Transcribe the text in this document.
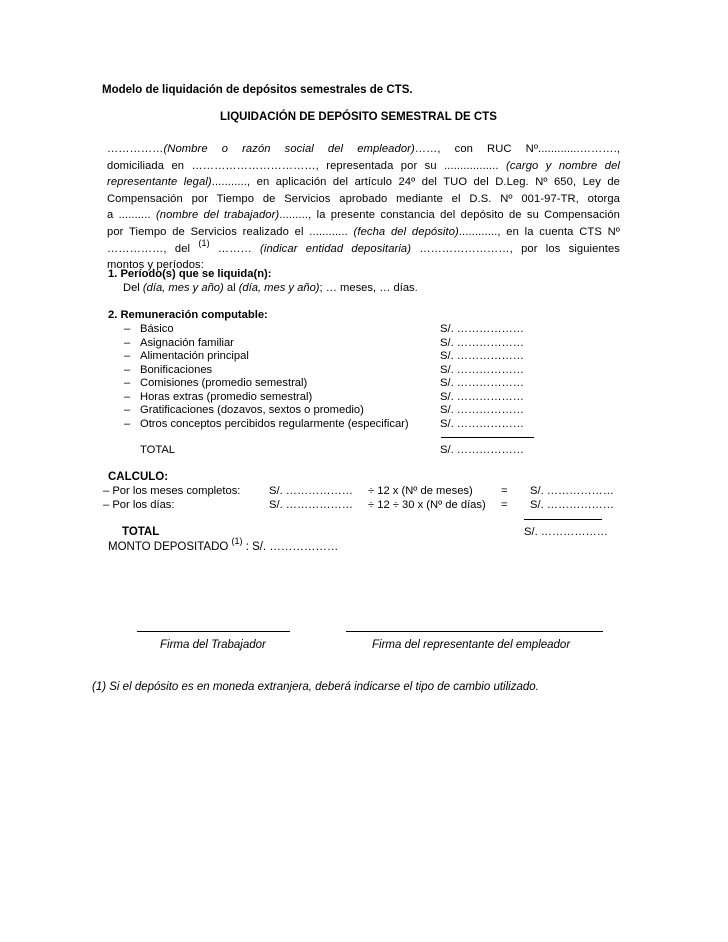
Modelo de liquidación de depósitos semestrales de CTS.
LIQUIDACIÓN DE DEPÓSITO SEMESTRAL DE CTS
……………(Nombre o razón social del empleador)……, con RUC Nº.............……….,
domiciliada en ……………………………, representada por su ................. (cargo y nombre del
representante legal)..........., en aplicación del artículo 24º del TUO del D.Leg. Nº 650, Ley de
Compensación por Tiempo de Servicios aprobado mediante el D.S. Nº 001-97-TR, otorga
a .......... (nombre del trabajador)........., la presente constancia del depósito de su Compensación
por Tiempo de Servicios realizado el ............ (fecha del depósito)............, en la cuenta CTS Nº
……………, del $^{(1)}$ ……… (indicar entidad depositaria) ……………………, por los siguientes
montos y períodos:
1. Período(s) que se liquida(n):
Del (día, mes y año) al (día, mes y año); … meses, … días.
2. Remuneración computable:
– Básico	S/. ………………
– Asignación familiar	S/. ………………
– Alimentación principal	S/. ………………
– Bonificaciones	S/. ………………
– Comisiones (promedio semestral)	S/. ………………
– Horas extras (promedio semestral)	S/. ………………
– Gratificaciones (dozavos, sextos o promedio)	S/. ………………
– Otros conceptos percibidos regularmente (especificar)	S/. ………………
TOTAL	S/. ………………
CALCULO:
– Por los meses completos:	S/. ……………… ÷ 12 x (Nº de meses)	= S/. ………………
– Por los días:	S/. ……………… ÷ 12 ÷ 30 x (Nº de días) = S/. ………………
TOTAL	S/. ………………
MONTO DEPOSITADO $^{(1)}$ : S/. ………………
Firma del Trabajador	Firma del representante del empleador
(1) Si el depósito es en moneda extranjera, deberá indicarse el tipo de cambio utilizado.
